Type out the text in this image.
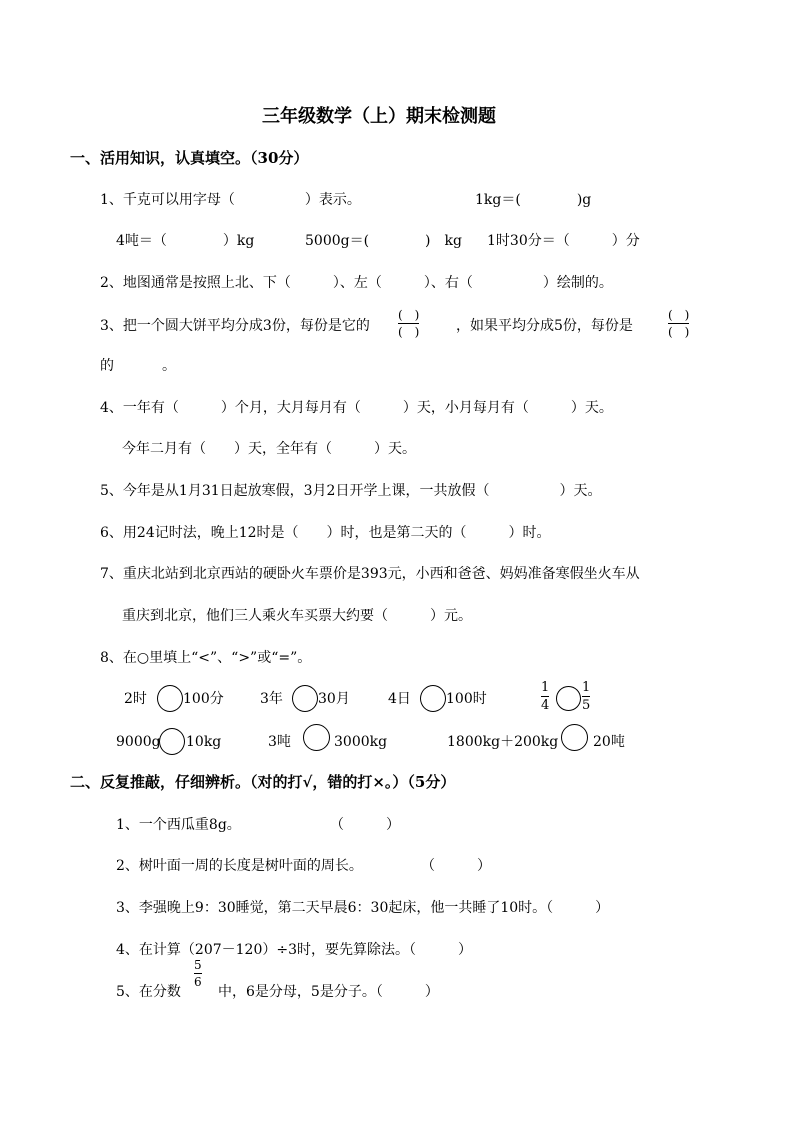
三年级数学（上）期末检测题
一、活用知识，认真填空。（30分）
1、千克可以用字母（　　　　　）表示。	1kg＝(　　　　)g
4吨＝（　　　　）kg	5000g＝(　　　　)　kg 1时30分＝（　　　）分
2、地图通常是按照上北、下（　　　）、左（　　　）、右（　　　　　）绘制的。
3、把一个圆大饼平均分成3份，每份是它的
(　)
(　)	，如果平均分成5份，每份是
(　)
(　)
的	。
4、一年有（　　　）个月，大月每月有（　　　）天，小月每月有（　　　）天。
今年二月有（　　）天，全年有（　　　）天。
5、今年是从1月31日起放寒假，3月2日开学上课，一共放假（　　　　　）天。
6、用24记时法，晚上12时是（　　）时，也是第二天的（　　　）时。
7、重庆北站到北京西站的硬卧火车票价是393元，小西和爸爸、妈妈准备寒假坐火车从
重庆到北京，他们三人乘火车买票大约要（　　　）元。
8、在○里填上“<”、“>”或“=”。
2时	100分	3年	30月	4日	100时
1
4
1
5
9000g 10kg	3吨	3000kg	1800kg＋200kg 20吨
二、反复推敲，仔细辨析。（对的打√，错的打×。）（5分）
1、一个西瓜重8g。	（　　　）
2、树叶面一周的长度是树叶面的周长。	（　　　）
3、李强晚上9：30睡觉，第二天早晨6：30起床，他一共睡了10时。（　　　）
4、在计算（207－120）÷3时，要先算除法。（　　　）
5、在分数
5
6
中，6是分母，5是分子。（　　　）
